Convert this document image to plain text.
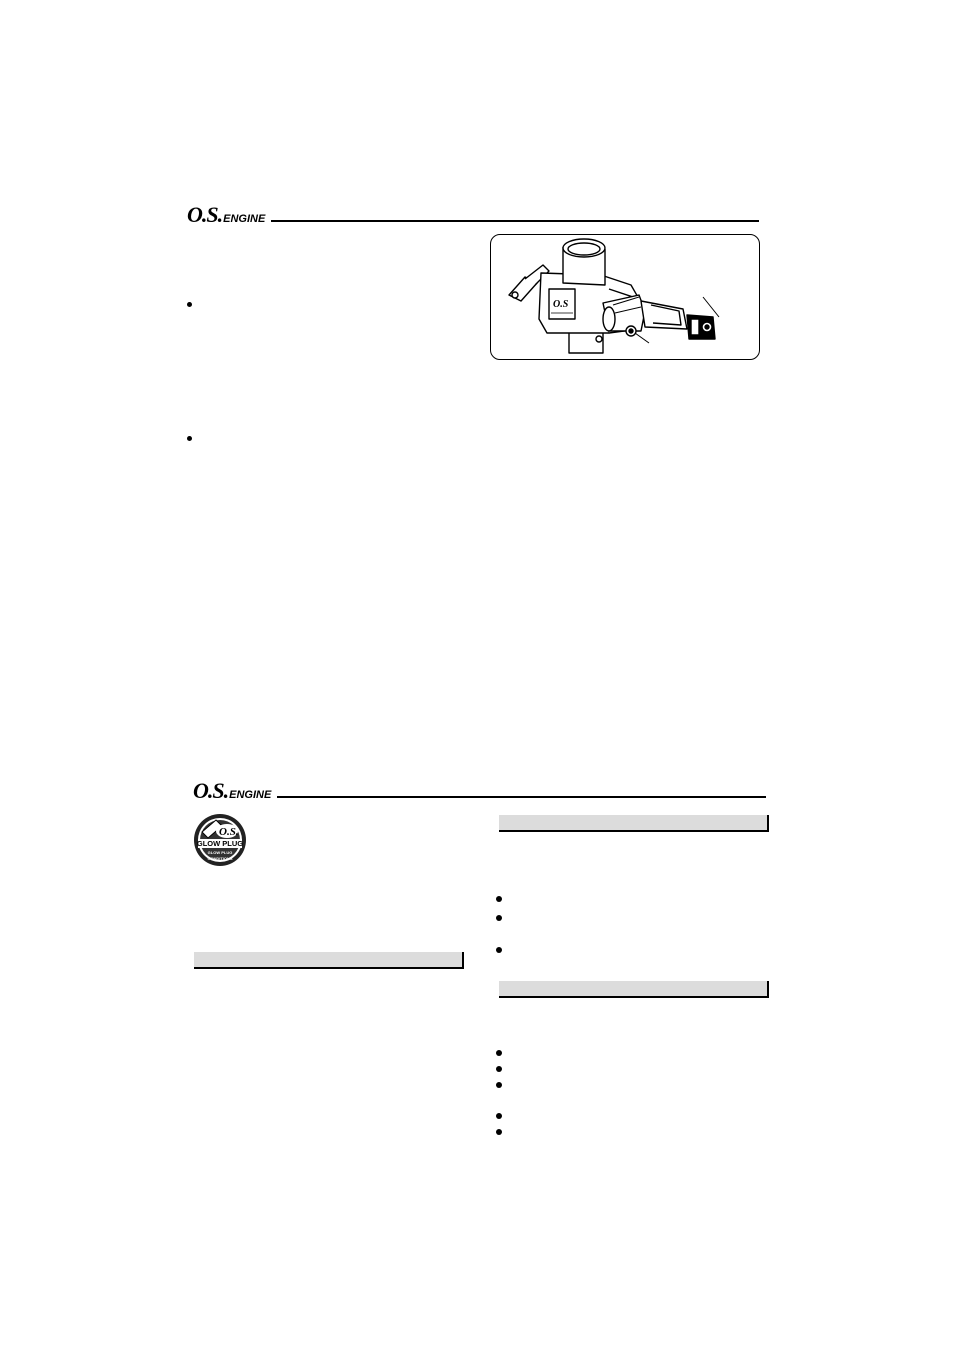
O.S. ENGINE
O.S
O.S. ENGINE
O.S.
GLOW PLUG
GLOW PLUG
CONDITIONS
